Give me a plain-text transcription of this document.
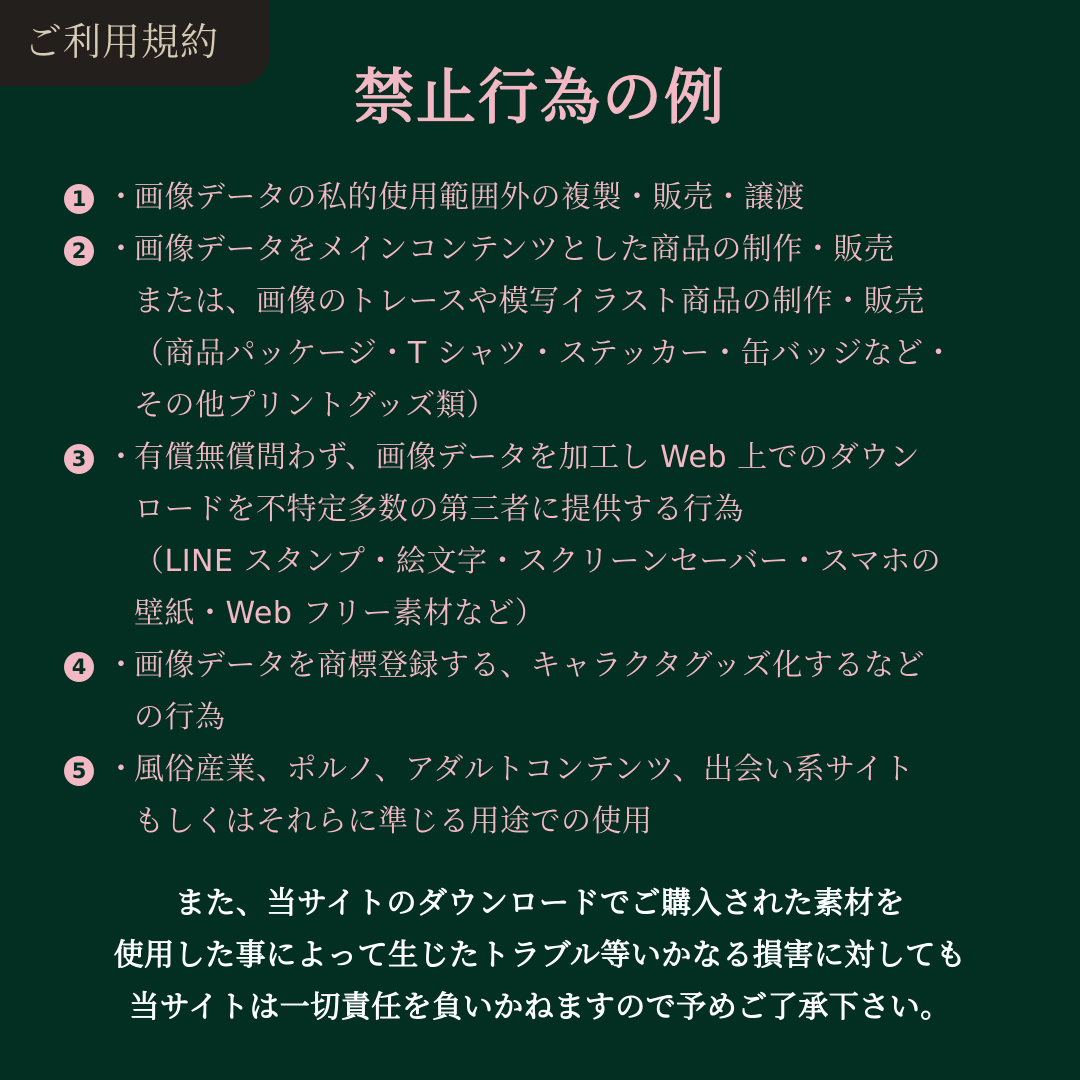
ご利用規約
禁止行為の例
1 ・
画像データの私的使用範囲外の複製・販売・譲渡
2 ・
画像データをメインコンテンツとした商品の制作・販売
または、画像のトレースや模写イラスト商品の制作・販売
（商品パッケージ・T シャツ・ステッカー・缶バッジなど・
その他プリントグッズ類）
3 ・
有償無償問わず、画像データを加工し Web 上でのダウン
ロードを不特定多数の第三者に提供する行為
（LINE スタンプ・絵文字・スクリーンセーバー・スマホの
壁紙・Web フリー素材など）
4 ・
画像データを商標登録する、キャラクタグッズ化するなど
の行為
5 ・
風俗産業、ポルノ、アダルトコンテンツ、出会い系サイト
もしくはそれらに準じる用途での使用
また、当サイトのダウンロードでご購入された素材を
使用した事によって生じたトラブル等いかなる損害に対しても
当サイトは一切責任を負いかねますので予めご了承下さい。
